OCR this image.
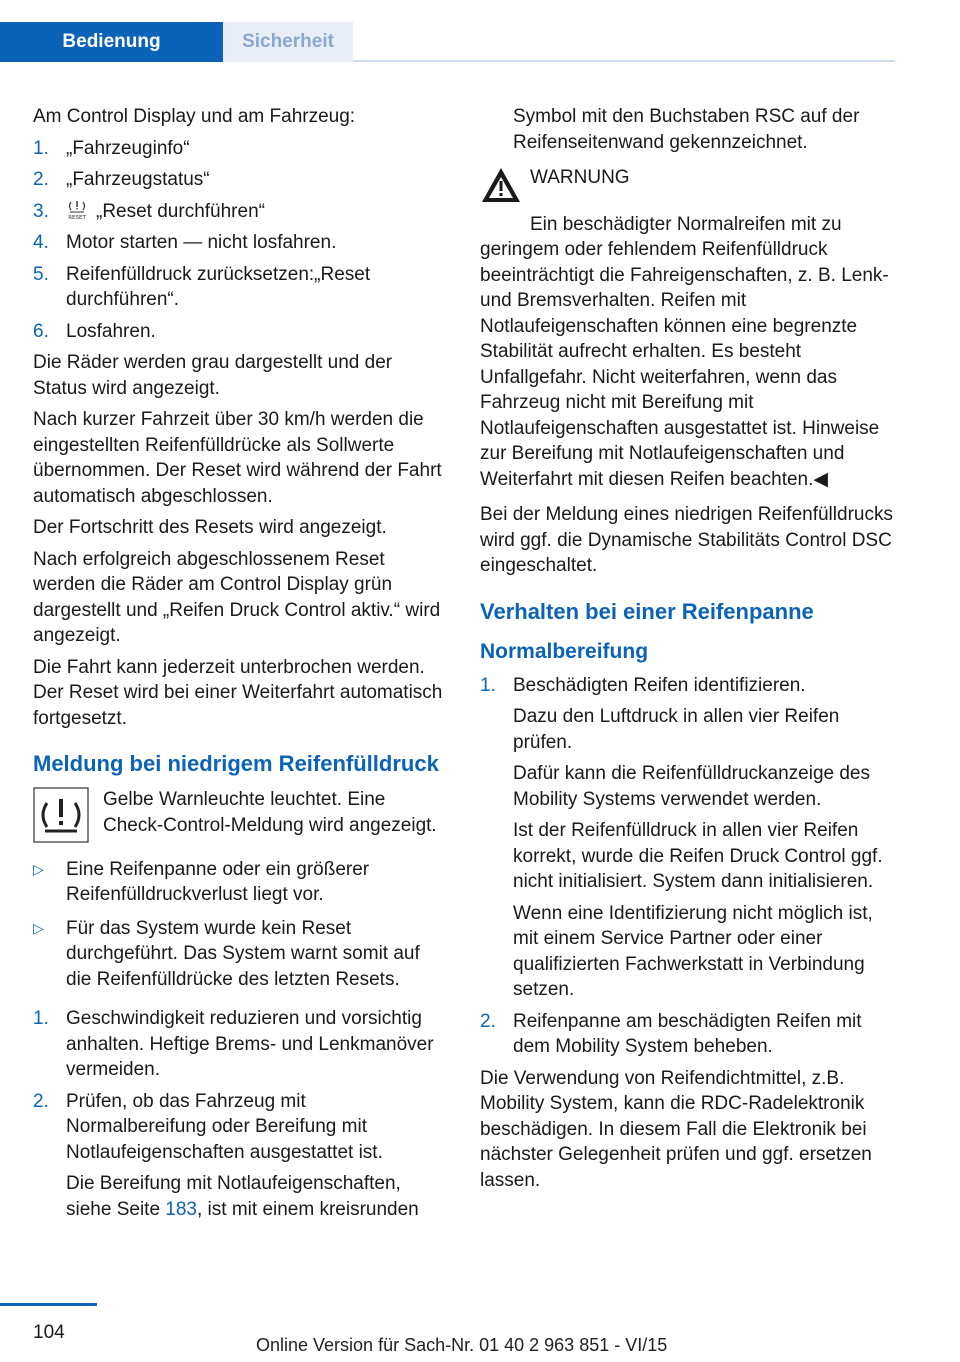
Bedienung	Sicherheit

Am Control Display und am Fahrzeug:

1. „Fahrzeuginfo“
2. „Fahrzeugstatus“
3.	RESET „Reset durchführen“
4. Motor starten — nicht losfahren.
5. Reifenfülldruck zurücksetzen:„Reset durchführen“.
6. Losfahren.

Die Räder werden grau dargestellt und der Status wird angezeigt.

Nach kurzer Fahrzeit über 30 km/h werden die eingestellten Reifenfülldrücke als Sollwerte übernommen. Der Reset wird während der Fahrt automatisch abgeschlossen.

Der Fortschritt des Resets wird angezeigt.

Nach erfolgreich abgeschlossenem Reset werden die Räder am Control Display grün dargestellt und „Reifen Druck Control aktiv.“ wird angezeigt.

Die Fahrt kann jederzeit unterbrochen werden. Der Reset wird bei einer Weiterfahrt automatisch fortgesetzt.

Meldung bei niedrigem Reifenfülldruck
Gelbe Warnleuchte leuchtet. Eine Check-Control-Meldung wird angezeigt.
▷	Eine Reifenpanne oder ein größerer Reifenfülldruckverlust liegt vor.
▷	Für das System wurde kein Reset durchgeführt. Das System warnt somit auf die Reifenfülldrücke des letzten Resets.
1. Geschwindigkeit reduzieren und vorsichtig anhalten. Heftige Brems- und Lenkmanöver vermeiden.
2. Prüfen, ob das Fahrzeug mit Normalbereifung oder Bereifung mit Notlaufeigenschaften ausgestattet ist.

Die Bereifung mit Notlaufeigenschaften, siehe Seite 183, ist mit einem kreisrunden

Symbol mit den Buchstaben RSC auf der Reifenseitenwand gekennzeichnet.

WARNUNG

Ein beschädigter Normalreifen mit zu geringem oder fehlendem Reifenfülldruck beeinträchtigt die Fahreigenschaften, z. B. Lenk- und Bremsverhalten. Reifen mit Notlaufeigenschaften können eine begrenzte Stabilität aufrecht erhalten. Es besteht Unfallgefahr. Nicht weiterfahren, wenn das Fahrzeug nicht mit Bereifung mit Notlaufeigenschaften ausgestattet ist. Hinweise zur Bereifung mit Notlaufeigenschaften und Weiterfahrt mit diesen Reifen beachten.◀

Bei der Meldung eines niedrigen Reifenfülldrucks wird ggf. die Dynamische Stabilitäts Control DSC eingeschaltet.

Verhalten bei einer Reifenpanne
Normalbereifung
1. Beschädigten Reifen identifizieren.

Dazu den Luftdruck in allen vier Reifen prüfen.

Dafür kann die Reifenfülldruckanzeige des Mobility Systems verwendet werden.

Ist der Reifenfülldruck in allen vier Reifen korrekt, wurde die Reifen Druck Control ggf. nicht initialisiert. System dann initialisieren.

Wenn eine Identifizierung nicht möglich ist, mit einem Service Partner oder einer qualifizierten Fachwerkstatt in Verbindung setzen.

2. Reifenpanne am beschädigten Reifen mit dem Mobility System beheben.

Die Verwendung von Reifendichtmittel, z.B. Mobility System, kann die RDC-Radelektronik beschädigen. In diesem Fall die Elektronik bei nächster Gelegenheit prüfen und ggf. ersetzen lassen.

104
Online Version für Sach-Nr. 01 40 2 963 851 - VI/15
